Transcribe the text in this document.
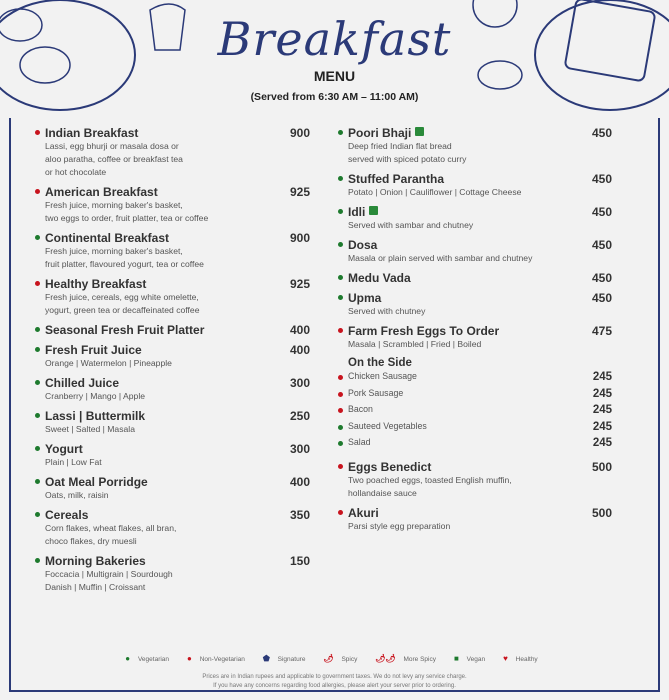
Breakfast
MENU
(Served from 6:30 AM – 11:00 AM)
Indian Breakfast	900
Lassi, egg bhurji or masala dosa or
aloo paratha, coffee or breakfast tea
or hot chocolate
American Breakfast	925
Fresh juice, morning baker's basket,
two eggs to order, fruit platter, tea or coffee
Continental Breakfast	900
Fresh juice, morning baker's basket,
fruit platter, flavoured yogurt, tea or coffee
Healthy Breakfast	925
Fresh juice, cereals, egg white omelette,
yogurt, green tea or decaffeinated coffee
Seasonal Fresh Fruit Platter	400
Fresh Fruit Juice	400
Orange | Watermelon | Pineapple
Chilled Juice	300
Cranberry | Mango | Apple
Lassi | Buttermilk	250
Sweet | Salted | Masala
Yogurt	300
Plain | Low Fat
Oat Meal Porridge	400
Oats, milk, raisin
Cereals	350
Corn flakes, wheat flakes, all bran,
choco flakes, dry muesli
Morning Bakeries	150
Foccacia | Multigrain | Sourdough
Danish | Muffin | Croissant
Poori Bhaji	450
Deep fried Indian flat bread
served with spiced potato curry
Stuffed Parantha	450
Potato | Onion | Cauliflower | Cottage Cheese
Idli	450
Served with sambar and chutney
Dosa	450
Masala or plain served with sambar and chutney
Medu Vada	450
Upma	450
Served with chutney
Farm Fresh Eggs To Order	475
Masala | Scrambled | Fried | Boiled
On the Side
Chicken Sausage	245
Pork Sausage	245
Bacon	245
Sauteed Vegetables	245
Salad	245
Eggs Benedict	500
Two poached eggs, toasted English muffin,
hollandaise sauce
Akuri	500
Parsi style egg preparation
● Vegetarian ● Non-Vegetarian ⬟ Signature 🌶 Spicy 🌶🌶 More Spicy ■ Vegan ♥ Healthy
Prices are in Indian rupees and applicable to government taxes. We do not levy any service charge.
If you have any concerns regarding food allergies, please alert your server prior to ordering.
